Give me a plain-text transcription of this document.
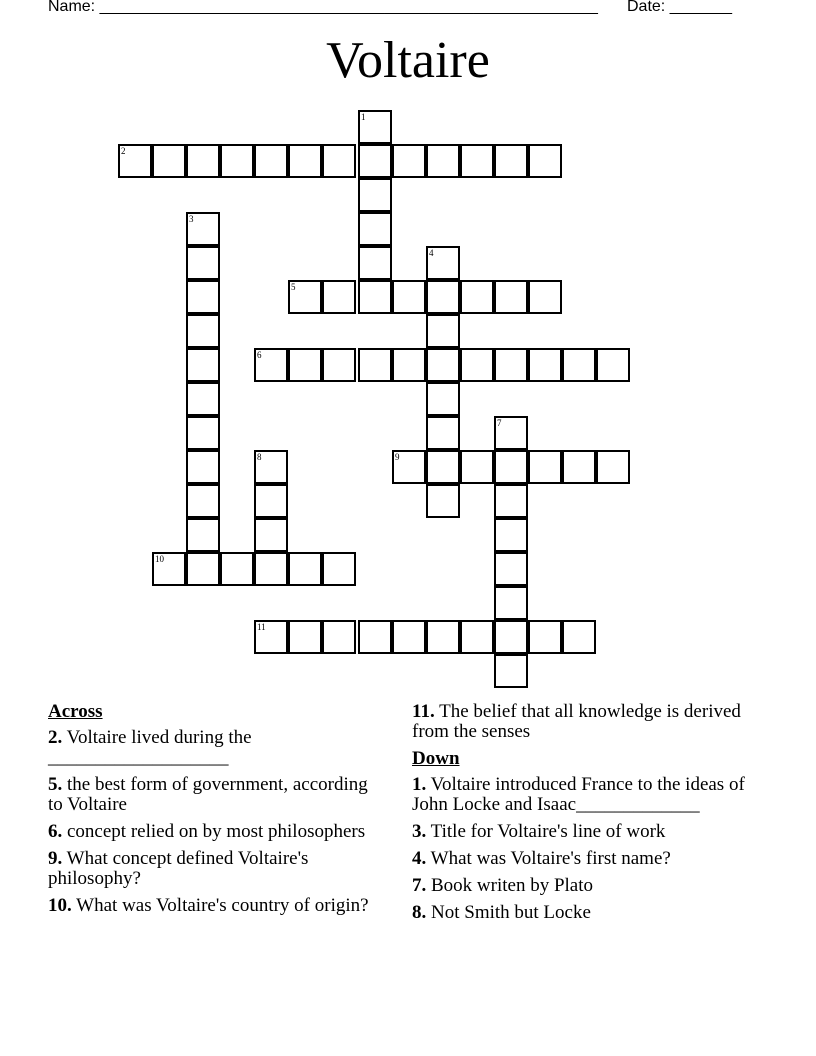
Name: ________________________________________________________ Date: _______
Voltaire
1
2
3
4
5
6
7
8	9
10
11
Across
2. Voltaire lived during the ___________________
5. the best form of government, according to Voltaire
6. concept relied on by most philosophers
9. What concept defined Voltaire's philosophy?
10. What was Voltaire's country of origin?
11. The belief that all knowledge is derived from the senses
Down
1. Voltaire introduced France to the ideas of John Locke and Isaac_____________
3. Title for Voltaire's line of work
4. What was Voltaire's first name?
7. Book writen by Plato
8. Not Smith but Locke
